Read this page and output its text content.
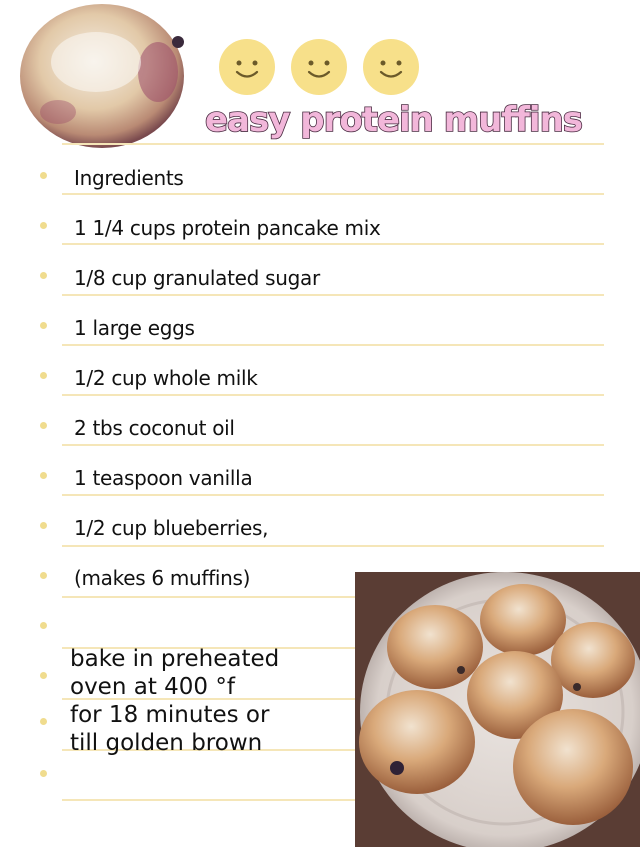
easy protein muffins
Ingredients
1 1/4 cups protein pancake mix
1/8 cup granulated sugar
1 large eggs
1/2 cup whole milk
2 tbs coconut oil
1 teaspoon vanilla
1/2 cup blueberries,
(makes 6 muffins)
bake in preheated
oven at 400 °f
for 18 minutes or
till golden brown
